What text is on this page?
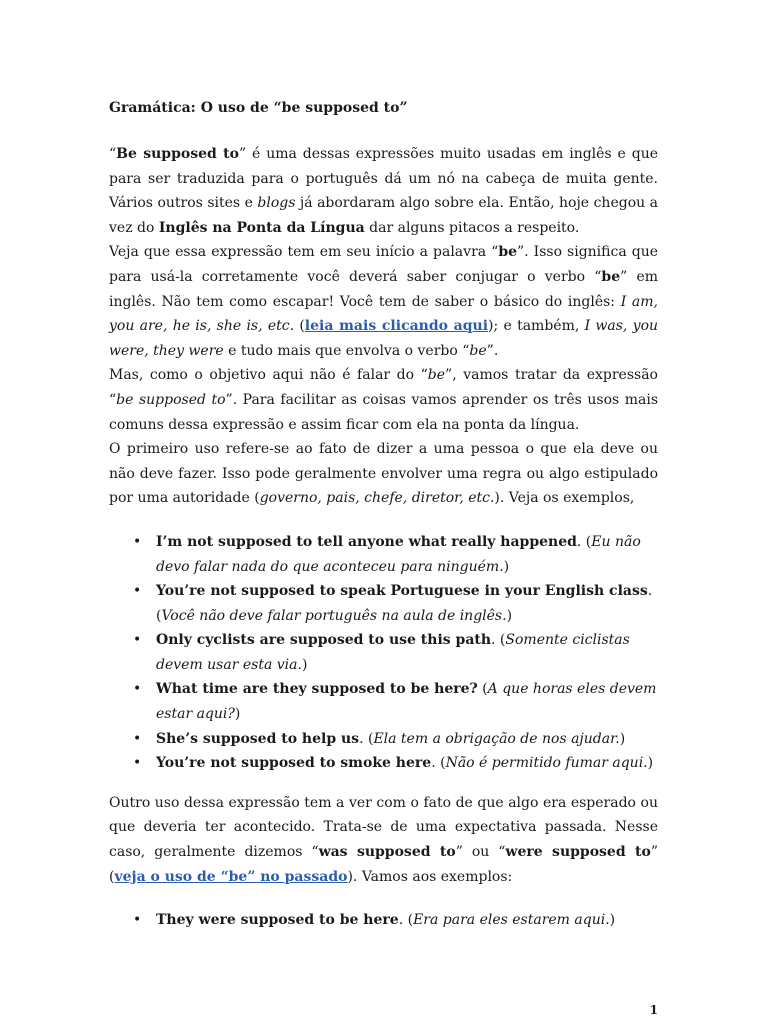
Gramática: O uso de “be supposed to”

“Be supposed to” é uma dessas expressões muito usadas em inglês e que para ser traduzida para o português dá um nó na cabeça de muita gente. Vários outros sites e blogs já abordaram algo sobre ela. Então, hoje chegou a vez do Inglês na Ponta da Língua dar alguns pitacos a respeito.

Veja que essa expressão tem em seu início a palavra “be”. Isso significa que para usá-la corretamente você deverá saber conjugar o verbo “be” em inglês. Não tem como escapar! Você tem de saber o básico do inglês: I am, you are, he is, she is, etc. (leia mais clicando aqui); e também, I was, you were, they were e tudo mais que envolva o verbo “be”.

Mas, como o objetivo aqui não é falar do “be”, vamos tratar da expressão “be supposed to”. Para facilitar as coisas vamos aprender os três usos mais comuns dessa expressão e assim ficar com ela na ponta da língua.

O primeiro uso refere-se ao fato de dizer a uma pessoa o que ela deve ou não deve fazer. Isso pode geralmente envolver uma regra ou algo estipulado por uma autoridade (governo, pais, chefe, diretor, etc.). Veja os exemplos,

• I’m not supposed to tell anyone what really happened. (Eu não devo falar nada do que aconteceu para ninguém.)
• You’re not supposed to speak Portuguese in your English class. (Você não deve falar português na aula de inglês.)
• Only cyclists are supposed to use this path. (Somente ciclistas devem usar esta via.)
• What time are they supposed to be here? (A que horas eles devem estar aqui?)
• She’s supposed to help us. (Ela tem a obrigação de nos ajudar.)
• You’re not supposed to smoke here. (Não é permitido fumar aqui.)

Outro uso dessa expressão tem a ver com o fato de que algo era esperado ou que deveria ter acontecido. Trata-se de uma expectativa passada. Nesse caso, geralmente dizemos “was supposed to” ou “were supposed to” (veja o uso de “be” no passado). Vamos aos exemplos:

• They were supposed to be here. (Era para eles estarem aqui.)
1
